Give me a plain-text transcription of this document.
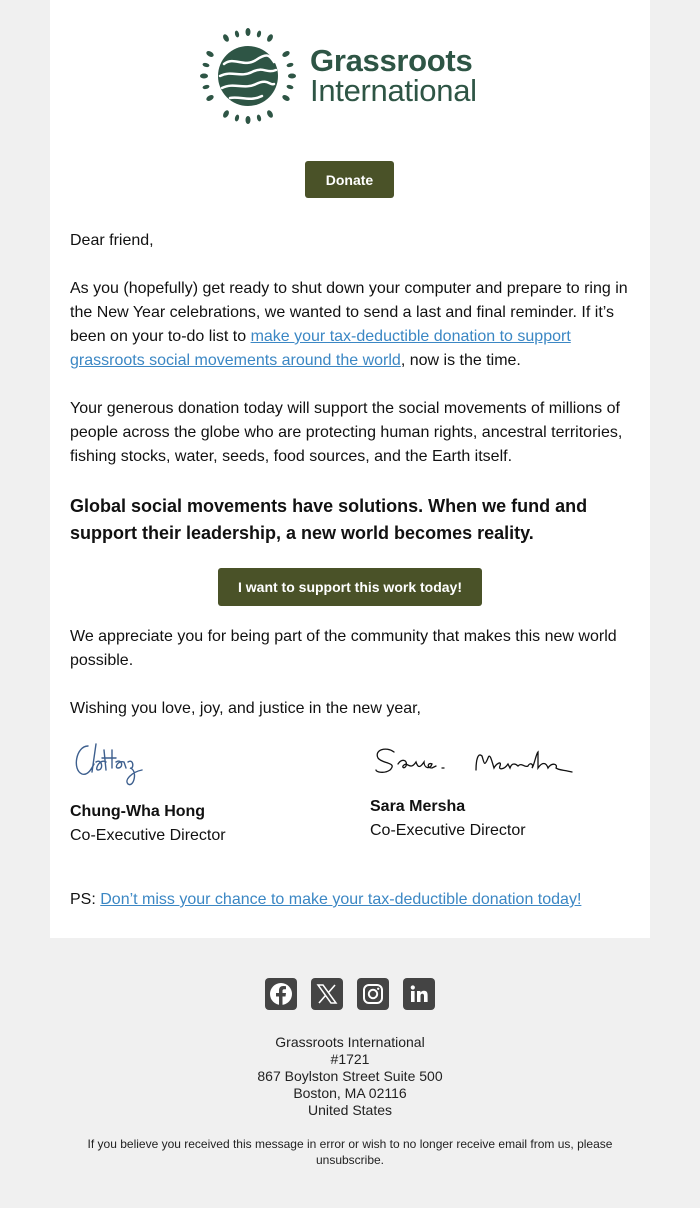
Grassroots
International
Donate
Dear friend,
As you (hopefully) get ready to shut down your computer and prepare to ring in the New Year celebrations, we wanted to send a last and final reminder. If it’s been on your to-do list to make your tax-deductible donation to support grassroots social movements around the world, now is the time.
Your generous donation today will support the social movements of millions of people across the globe who are protecting human rights, ancestral territories, fishing stocks, water, seeds, food sources, and the Earth itself.
Global social movements have solutions. When we fund and support their leadership, a new world becomes reality.
I want to support this work today!
We appreciate you for being part of the community that makes this new world possible.
Wishing you love, joy, and justice in the new year,
Chung-Wha Hong
Co-Executive Director
Sara Mersha
Co-Executive Director
PS: Don’t miss your chance to make your tax-deductible donation today!
Grassroots International
#1721
867 Boylston Street Suite 500
Boston, MA 02116
United States
If you believe you received this message in error or wish to no longer receive email from us, please unsubscribe.
